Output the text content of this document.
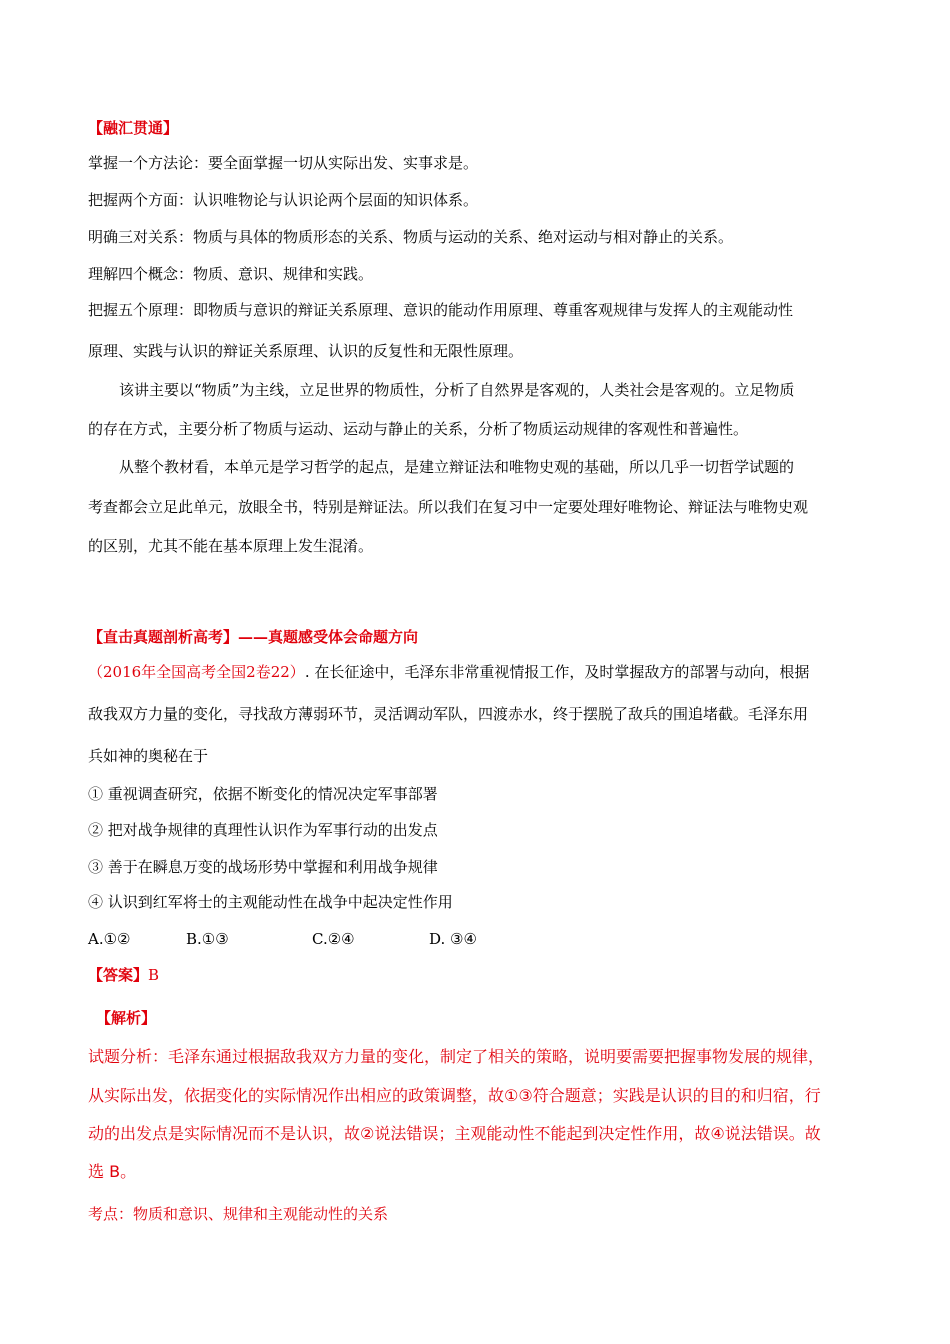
【融汇贯通】
掌握一个方法论：要全面掌握一切从实际出发、实事求是。
把握两个方面：认识唯物论与认识论两个层面的知识体系。
明确三对关系：物质与具体的物质形态的关系、物质与运动的关系、绝对运动与相对静止的关系。
理解四个概念：物质、意识、规律和实践。
把握五个原理：即物质与意识的辩证关系原理、意识的能动作用原理、尊重客观规律与发挥人的主观能动性
原理、实践与认识的辩证关系原理、认识的反复性和无限性原理。
该讲主要以“物质”为主线，立足世界的物质性，分析了自然界是客观的，人类社会是客观的。立足物质
的存在方式，主要分析了物质与运动、运动与静止的关系，分析了物质运动规律的客观性和普遍性。
从整个教材看，本单元是学习哲学的起点，是建立辩证法和唯物史观的基础，所以几乎一切哲学试题的
考查都会立足此单元，放眼全书，特别是辩证法。所以我们在复习中一定要处理好唯物论、辩证法与唯物史观
的区别，尤其不能在基本原理上发生混淆。
【直击真题剖析高考】——真题感受体会命题方向
（2016年全国高考全国2卷22）. 在长征途中，毛泽东非常重视情报工作，及时掌握敌方的部署与动向，根据
敌我双方力量的变化，寻找敌方薄弱环节，灵活调动军队，四渡赤水，终于摆脱了敌兵的围追堵截。毛泽东用
兵如神的奥秘在于
① 重视调查研究，依据不断变化的情况决定军事部署
② 把对战争规律的真理性认识作为军事行动的出发点
③ 善于在瞬息万变的战场形势中掌握和利用战争规律
④ 认识到红军将士的主观能动性在战争中起决定性作用
A.①②	B.①③	C.②④	D. ③④
【答案】B
【解析】
试题分析：毛泽东通过根据敌我双方力量的变化，制定了相关的策略，说明要需要把握事物发展的规律，
从实际出发，依据变化的实际情况作出相应的政策调整，故①③符合题意；实践是认识的目的和归宿，行
动的出发点是实际情况而不是认识，故②说法错误；主观能动性不能起到决定性作用，故④说法错误。故
选 B。
考点：物质和意识、规律和主观能动性的关系
